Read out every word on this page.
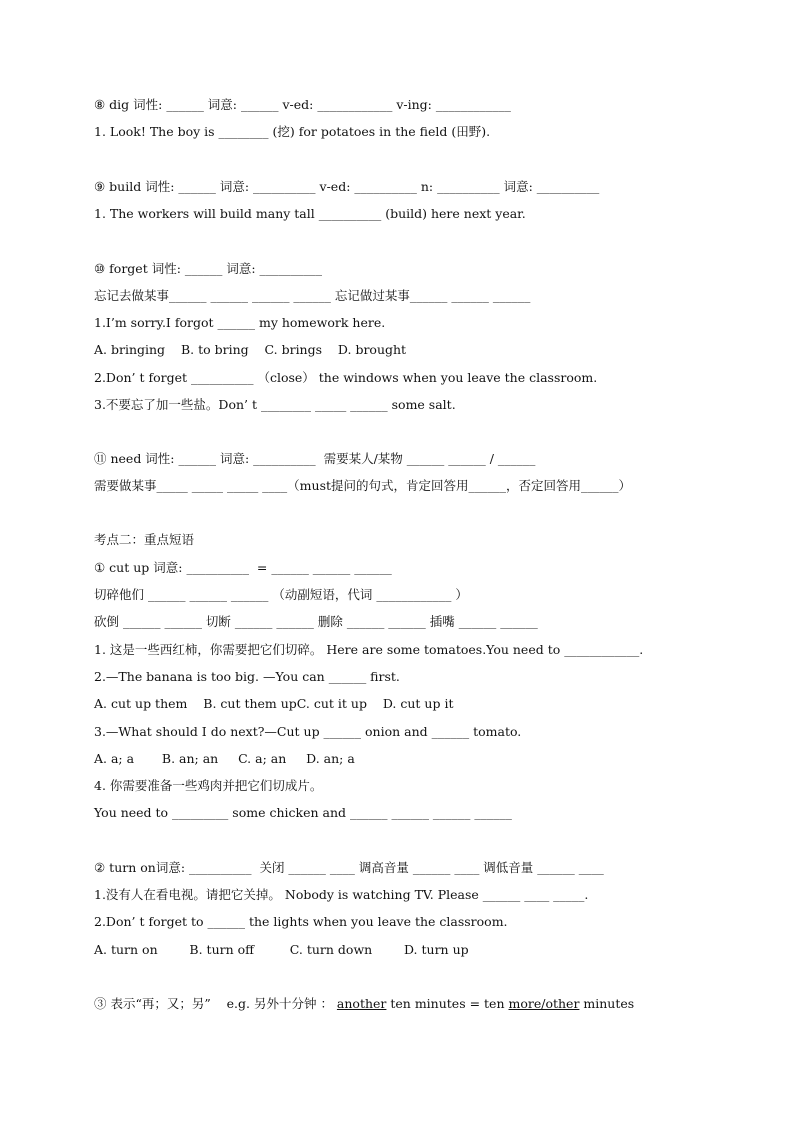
⑧ dig 词性: ______ 词意: ______ v-ed: ____________ v-ing: ____________
1. Look! The boy is ________ (挖) for potatoes in the field (田野).
⑨ build 词性: ______ 词意: __________ v-ed: __________ n: __________ 词意: __________
1. The workers will build many tall __________ (build) here next year.
⑩ forget 词性: ______ 词意: __________
忘记去做某事______ ______ ______ ______ 忘记做过某事______ ______ ______
1.I’m sorry.I forgot ______ my homework here.
A. bringing    B. to bring    C. brings    D. brought
2.Don’ t forget __________ （close） the windows when you leave the classroom.
3.不要忘了加一些盐。Don’ t ________ _____ ______ some salt.
⑪ need 词性: ______ 词意: __________  需要某人/某物 ______ ______ / ______
需要做某事_____ _____ _____ ____（must提问的句式，肯定回答用______，否定回答用______）
考点二：重点短语
① cut up 词意: __________  = ______ ______ ______
切碎他们 ______ ______ ______ （动副短语，代词 ____________ ）
砍倒 ______ ______ 切断 ______ ______ 删除 ______ ______ 插嘴 ______ ______
1. 这是一些西红柿，你需要把它们切碎。 Here are some tomatoes.You need to ____________.
2.—The banana is too big. —You can ______ first.
A. cut up them    B. cut them upC. cut it up    D. cut up it
3.—What should I do next?—Cut up ______ onion and ______ tomato.
A. a; a       B. an; an     C. a; an     D. an; a
4. 你需要准备一些鸡肉并把它们切成片。
You need to _________ some chicken and ______ ______ ______ ______
② turn on词意: __________  关闭 ______ ____ 调高音量 ______ ____ 调低音量 ______ ____
1.没有人在看电视。请把它关掉。 Nobody is watching TV. Please ______ ____ _____.
2.Don’ t forget to ______ the lights when you leave the classroom.
A. turn on        B. turn off         C. turn down        D. turn up
③ 表示“再；又；另”    e.g. 另外十分钟 ： another ten minutes = ten more/other minutes
